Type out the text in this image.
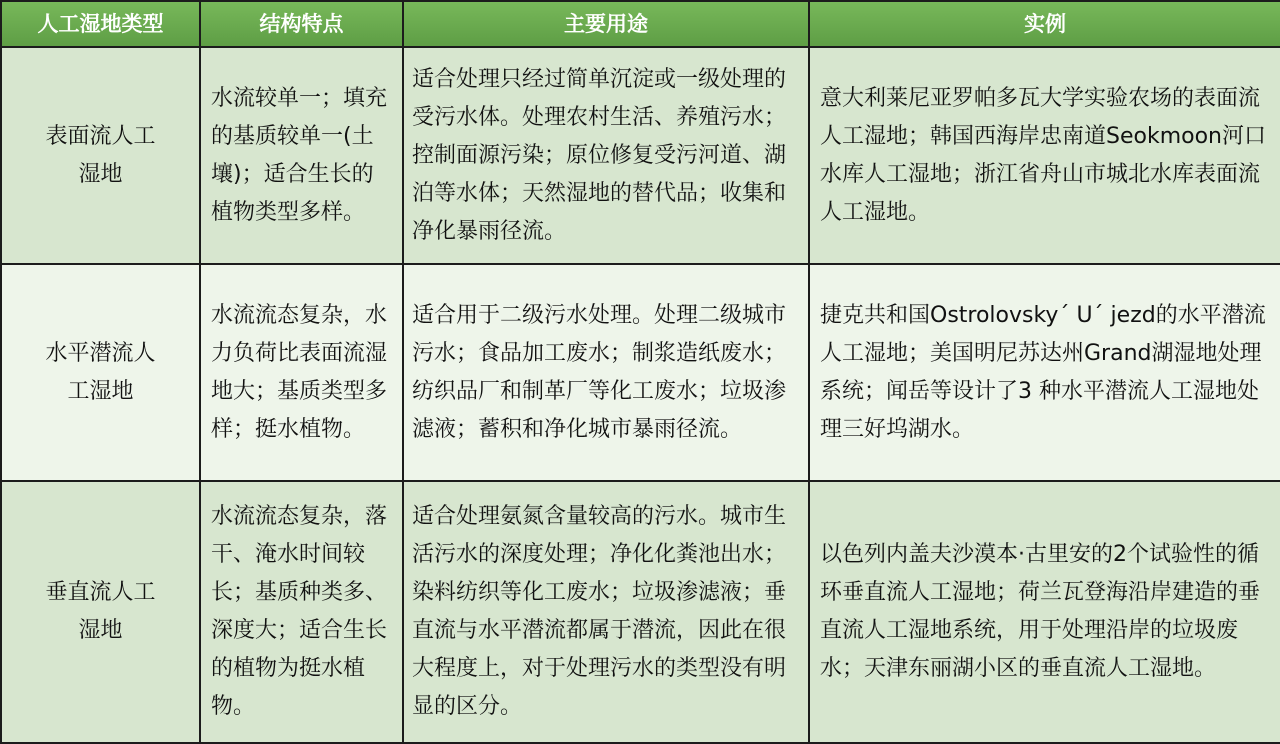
人工湿地类型	结构特点	主要用途	实例
表面流人工湿地	水流较单一；填充的基质较单一(土壤)；适合生长的植物类型多样。	适合处理只经过简单沉淀或一级处理的受污水体。处理农村生活、养殖污水；控制面源污染；原位修复受污河道、湖泊等水体；天然湿地的替代品；收集和净化暴雨径流。	意大利莱尼亚罗帕多瓦大学实验农场的表面流人工湿地；韩国西海岸忠南道Seokmoon河口水库人工湿地；浙江省舟山市城北水库表面流人工湿地。
水平潜流人工湿地	水流流态复杂，水力负荷比表面流湿地大；基质类型多样；挺水植物。	适合用于二级污水处理。处理二级城市污水；食品加工废水；制浆造纸废水；纺织品厂和制革厂等化工废水；垃圾渗滤液；蓄积和净化城市暴雨径流。	捷克共和国Ostrolovsky´ U´ jezd的水平潜流人工湿地；美国明尼苏达州Grand湖湿地处理系统；闻岳等设计了3 种水平潜流人工湿地处理三好坞湖水。
垂直流人工湿地	水流流态复杂，落干、淹水时间较长；基质种类多、深度大；适合生长的植物为挺水植物。	适合处理氨氮含量较高的污水。城市生活污水的深度处理；净化化粪池出水；染料纺织等化工废水；垃圾渗滤液；垂直流与水平潜流都属于潜流，因此在很大程度上，对于处理污水的类型没有明显的区分。	以色列内盖夫沙漠本·古里安的2个试验性的循环垂直流人工湿地；荷兰瓦登海沿岸建造的垂直流人工湿地系统，用于处理沿岸的垃圾废水；天津东丽湖小区的垂直流人工湿地。
